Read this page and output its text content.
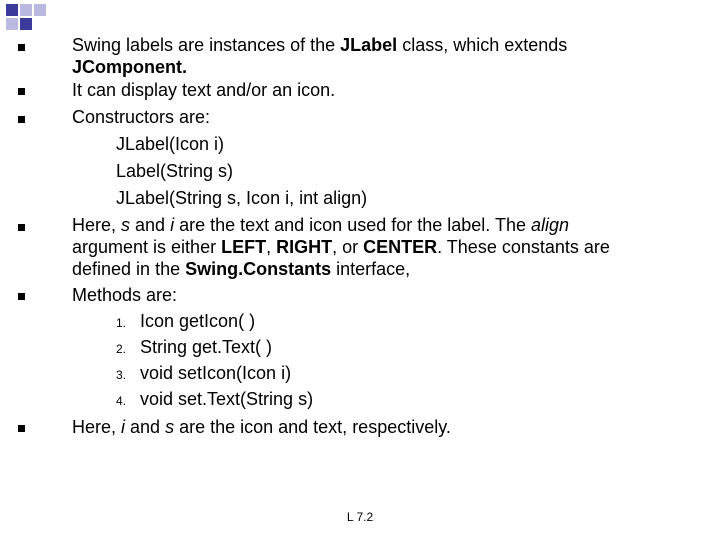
Swing labels are instances of the JLabel class, which extends
JComponent.
It can display text and/or an icon.
Constructors are:
JLabel(Icon i)
Label(String s)
JLabel(String s, Icon i, int align)
Here, s and i are the text and icon used for the label. The align
argument is either LEFT, RIGHT, or CENTER. These constants are
defined in the Swing.Constants interface,
Methods are:
1. Icon getIcon( )
2. String get.Text( )
3. void setIcon(Icon i)
4. void set.Text(String s)
Here, i and s are the icon and text, respectively.
L 7.2
